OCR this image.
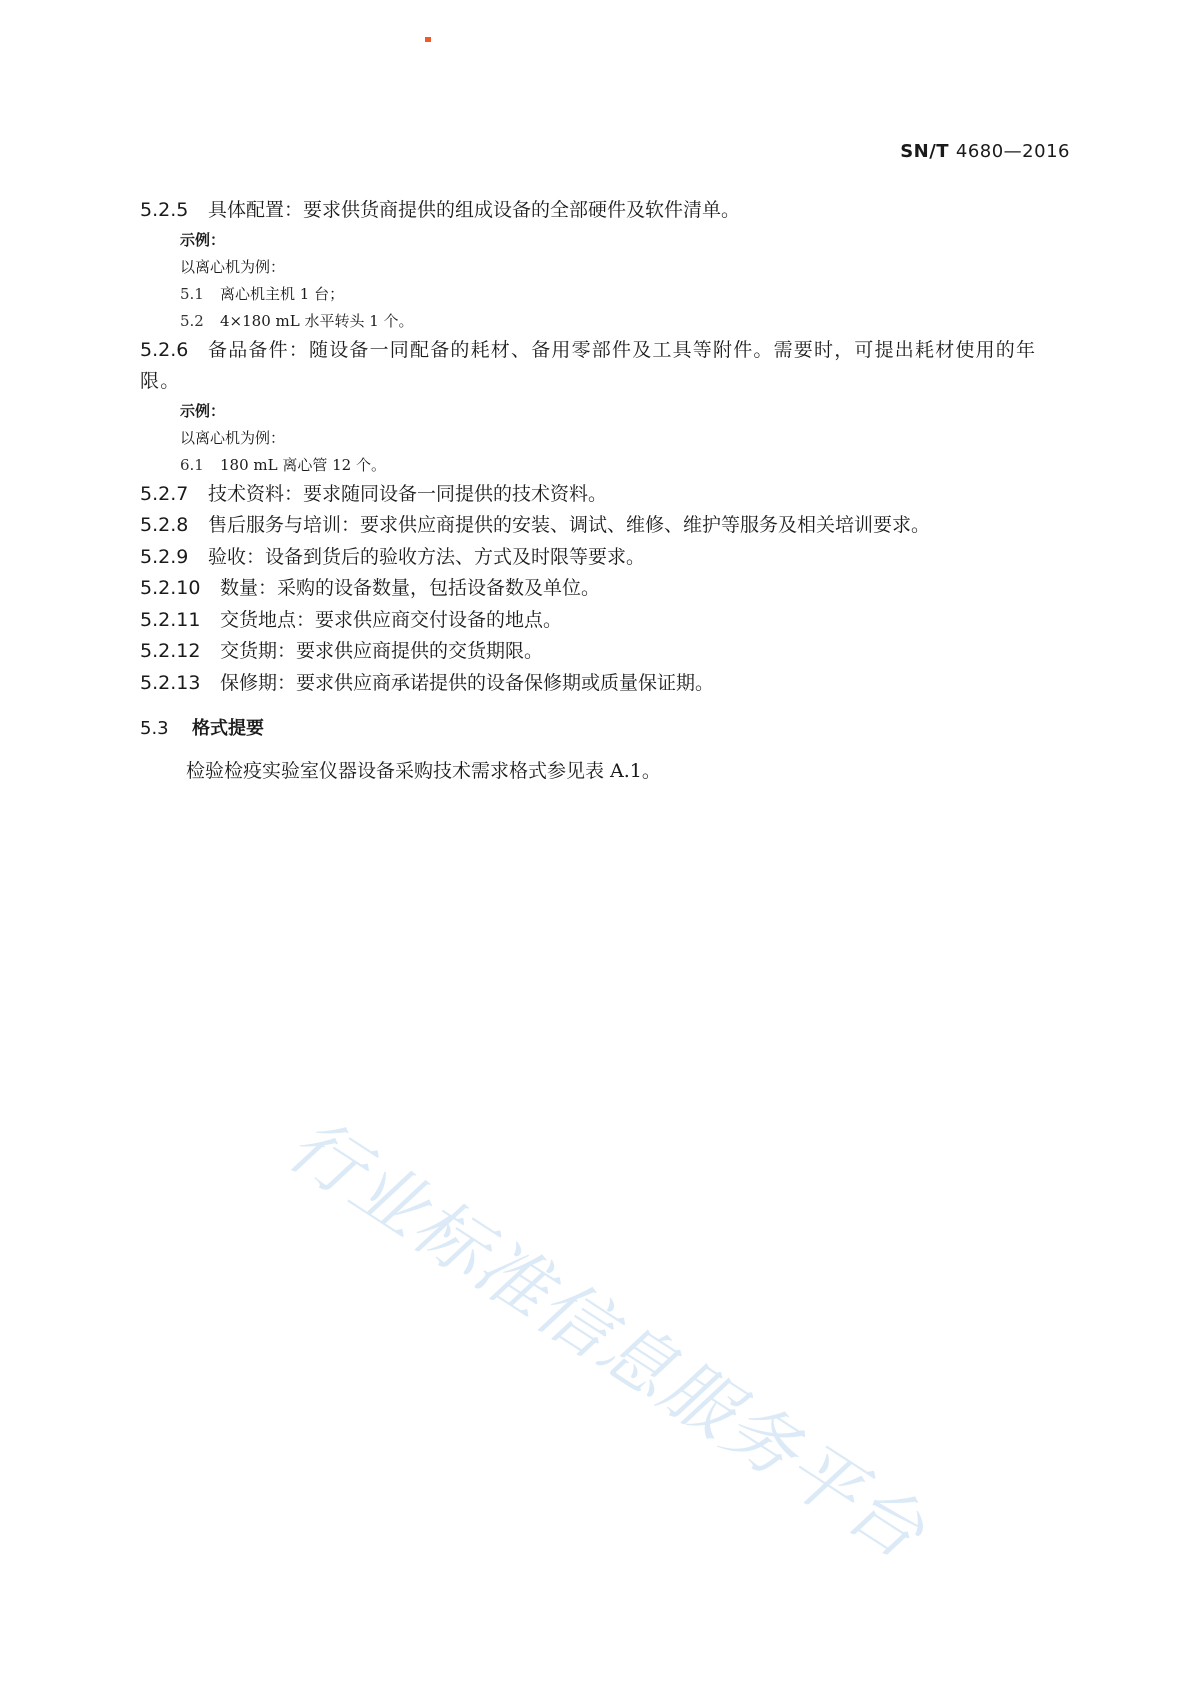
SN/T 4680—2016
5.2.5 具体配置：要求供货商提供的组成设备的全部硬件及软件清单。
示例：
以离心机为例：
5.1 离心机主机 1 台；
5.2 4×180 mL 水平转头 1 个。
5.2.6 备品备件：随设备一同配备的耗材、备用零部件及工具等附件。需要时，可提出耗材使用的年限。
示例：
以离心机为例：
6.1 180 mL 离心管 12 个。
5.2.7 技术资料：要求随同设备一同提供的技术资料。
5.2.8 售后服务与培训：要求供应商提供的安装、调试、维修、维护等服务及相关培训要求。
5.2.9 验收：设备到货后的验收方法、方式及时限等要求。
5.2.10 数量：采购的设备数量，包括设备数及单位。
5.2.11 交货地点：要求供应商交付设备的地点。
5.2.12 交货期：要求供应商提供的交货期限。
5.2.13 保修期：要求供应商承诺提供的设备保修期或质量保证期。
5.3 格式提要
检验检疫实验室仪器设备采购技术需求格式参见表 A.1。
行业标准信息服务平台
